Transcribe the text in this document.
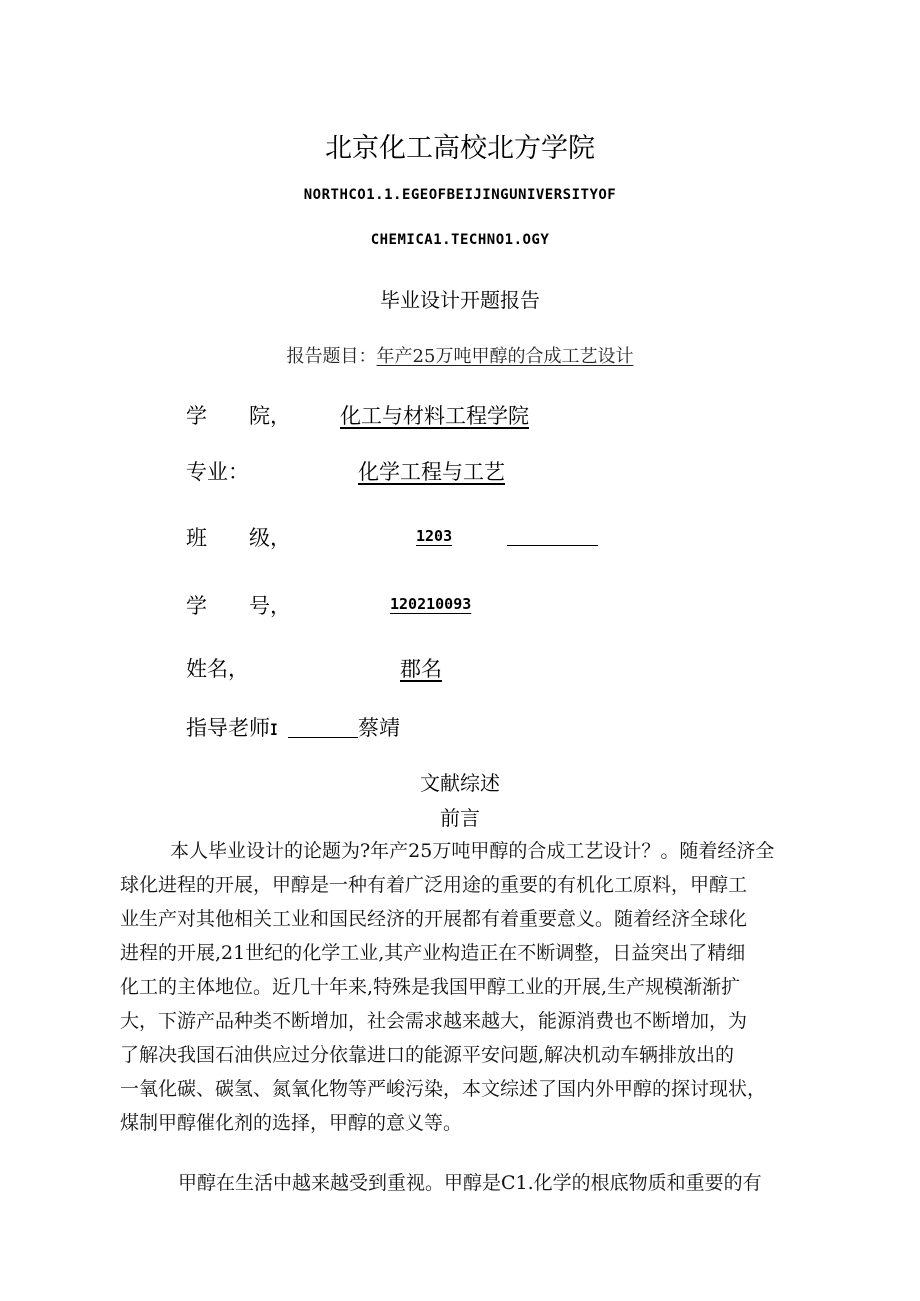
北京化工高校北方学院
NORTHCO1.1.EGEOFBEIJINGUNIVERSITYOF
CHEMICA1.TECHNO1.OGY
毕业设计开题报告
报告题目：年产25万吨甲醇的合成工艺设计
学　　院， 化工与材料工程学院
专业：	化学工程与工艺
班　　级，	1203
学　　号，	120210093
姓名，	郡名
指导老师ɪ	蔡靖
文献综述
前言
本人毕业设计的论题为?年产25万吨甲醇的合成工艺设计？。随着经济全
球化进程的开展，甲醇是一种有着广泛用途的重要的有机化工原料，甲醇工
业生产对其他相关工业和国民经济的开展都有着重要意义。随着经济全球化
进程的开展,21世纪的化学工业,其产业构造正在不断调整，日益突出了精细
化工的主体地位。近几十年来,特殊是我国甲醇工业的开展,生产规模渐渐扩
大，下游产品种类不断增加，社会需求越来越大，能源消费也不断增加，为
了解决我国石油供应过分依靠进口的能源平安问题,解决机动车辆排放出的
一氧化碳、碳氢、氮氧化物等严峻污染，本文综述了国内外甲醇的探讨现状，
煤制甲醇催化剂的选择，甲醇的意义等。
甲醇在生活中越来越受到重视。甲醇是C1.化学的根底物质和重要的有
